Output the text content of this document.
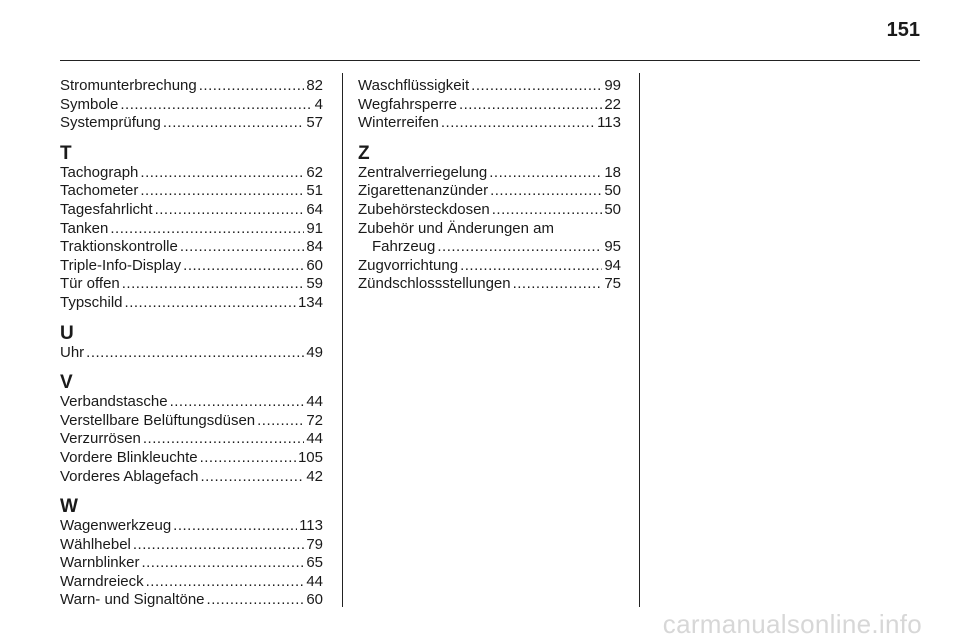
151
Stromunterbrechung .....	82
Symbole .....	4
Systemprüfung .....	57
T
Tachograph .....	62
Tachometer .....	51
Tagesfahrlicht .....	64
Tanken .....	91
Traktionskontrolle .....	84
Triple-Info-Display .....	60
Tür offen .....	59
Typschild .....	134
U
Uhr .....	49
V
Verbandstasche .....	44
Verstellbare Belüftungsdüsen .....	72
Verzurrösen .....	44
Vordere Blinkleuchte .....	105
Vorderes Ablagefach .....	42
W
Wagenwerkzeug .....	113
Wählhebel .....	79
Warnblinker .....	65
Warndreieck .....	44
Warn- und Signaltöne .....	60
Waschflüssigkeit .....	99
Wegfahrsperre .....	22
Winterreifen .....	113
Z
Zentralverriegelung .....	18
Zigarettenanzünder .....	50
Zubehörsteckdosen .....	50
Zubehör und Änderungen am
Fahrzeug .....	95
Zugvorrichtung .....	94
Zündschlossstellungen .....	75
carmanualsonline.info
